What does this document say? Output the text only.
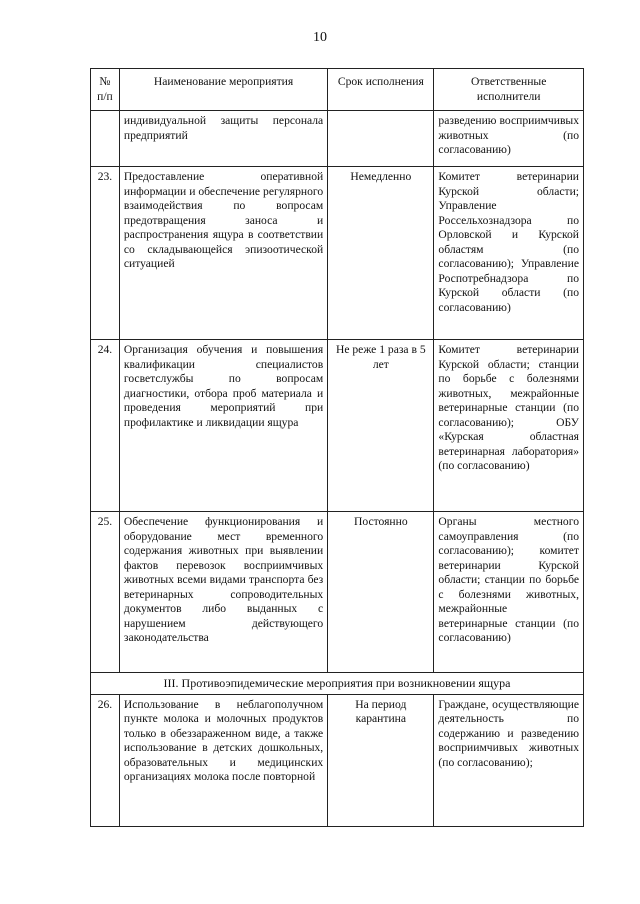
10
№ п/п	Наименование мероприятия	Срок исполнения	Ответственные исполнители
	индивидуальной защиты персонала предприятий		разведению восприимчивых животных (по согласованию)
23.	Предоставление оперативной информации и обеспечение регулярного взаимодействия по вопросам предотвращения заноса и распространения ящура в соответствии со складывающейся эпизоотической ситуацией	Немедленно	Комитет ветеринарии Курской области; Управление Россельхознадзора по Орловской и Курской областям (по согласованию); Управление Роспотребнадзора по Курской области (по согласованию)
24.	Организация обучения и повышения квалификации специалистов госветслужбы по вопросам диагностики, отбора проб материала и проведения мероприятий при профилактике и ликвидации ящура	Не реже 1 раза в 5 лет	Комитет ветеринарии Курской области; станции по борьбе с болезнями животных, межрайонные ветеринарные станции (по согласованию); ОБУ «Курская областная ветеринарная лаборатория» (по согласованию)
25.	Обеспечение функционирования и оборудование мест временного содержания животных при выявлении фактов перевозок восприимчивых животных всеми видами транспорта без ветеринарных сопроводительных документов либо выданных с нарушением действующего законодательства	Постоянно	Органы местного самоуправления (по согласованию); комитет ветеринарии Курской области; станции по борьбе с болезнями животных, межрайонные ветеринарные станции (по согласованию)
III. Противоэпидемические мероприятия при возникновении ящура			
26.	Использование в неблагополучном пункте молока и молочных продуктов только в обеззараженном виде, а также использование в детских дошкольных, образовательных и медицинских организациях молока после повторной	На период карантина	Граждане, осуществляющие деятельность по содержанию и разведению восприимчивых животных (по согласованию);
